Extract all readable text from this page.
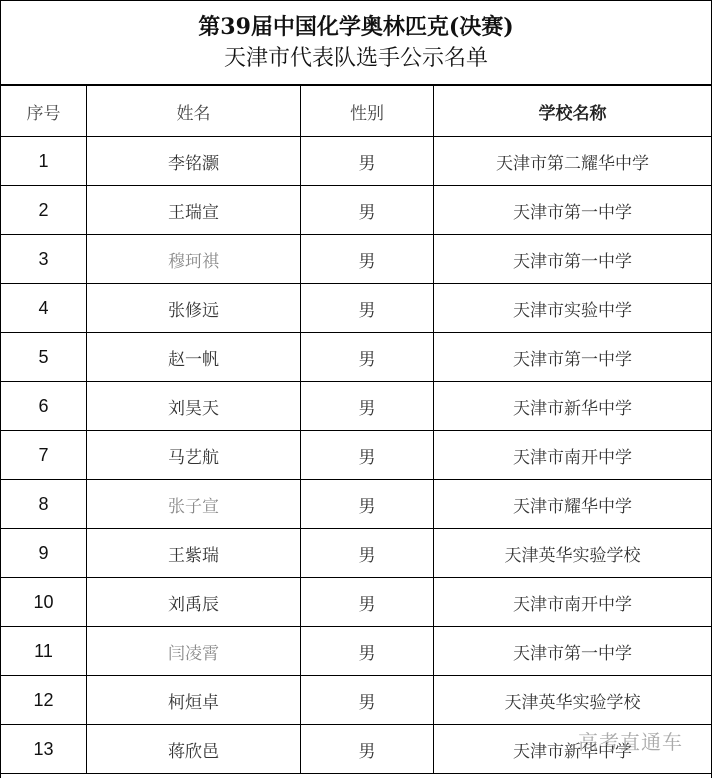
第39届中国化学奥林匹克(决赛)
天津市代表队选手公示名单
序号	姓名	性别	学校名称
1	李铭灏	男	天津市第二耀华中学
2	王瑞宣	男	天津市第一中学
3	穆珂祺	男	天津市第一中学
4	张修远	男	天津市实验中学
5	赵一帆	男	天津市第一中学
6	刘昊天	男	天津市新华中学
7	马艺航	男	天津市南开中学
8	张子宣	男	天津市耀华中学
9	王紫瑞	男	天津英华实验学校
10	刘禹辰	男	天津市南开中学
11	闫凌霄	男	天津市第一中学
12	柯烜卓	男	天津英华实验学校
13	蒋欣邑	男	天津市新华中学
高考直通车
